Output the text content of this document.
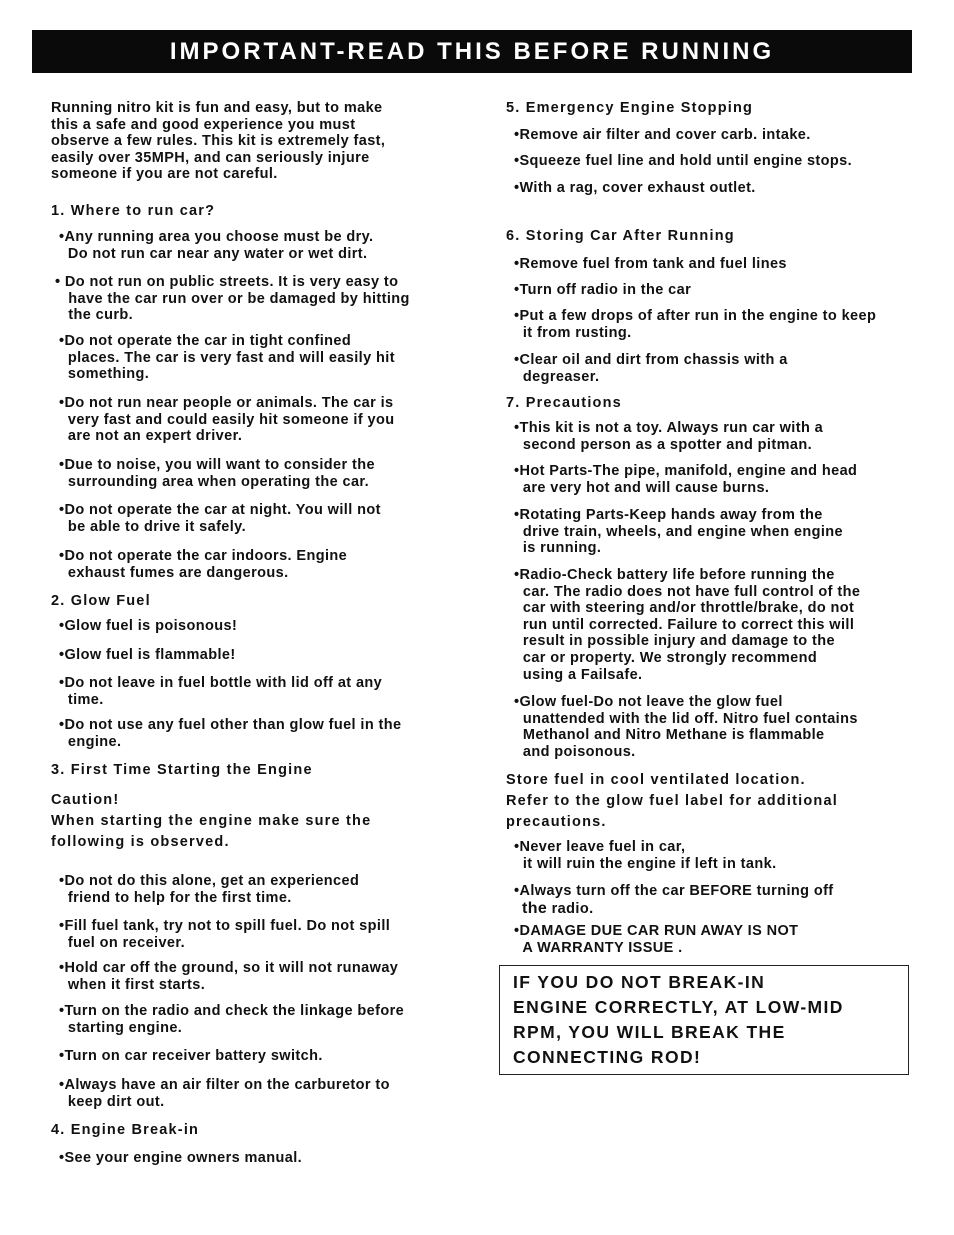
IMPORTANT-READ THIS BEFORE RUNNING

Running nitro kit is fun and easy, but to make
this a safe and good experience you must
observe a few rules. This kit is extremely fast,
easily over 35MPH, and can seriously injure
someone if you are not careful.

1. Where to run car?

•Any running area you choose must be dry.
Do not run car near any water or wet dirt.

• Do not run on public streets. It is very easy to
have the car run over or be damaged by hitting
the curb.

•Do not operate the car in tight confined
places. The car is very fast and will easily hit
something.

•Do not run near people or animals. The car is
very fast and could easily hit someone if you
are not an expert driver.

•Due to noise, you will want to consider the
surrounding area when operating the car.

•Do not operate the car at night. You will not
be able to drive it safely.

•Do not operate the car indoors. Engine
exhaust fumes are dangerous.

2. Glow Fuel

•Glow fuel is poisonous!

•Glow fuel is flammable!

•Do not leave in fuel bottle with lid off at any
time.

•Do not use any fuel other than glow fuel in the
engine.

3. First Time Starting the Engine

Caution!
When starting the engine make sure the
following is observed.

•Do not do this alone, get an experienced
friend to help for the first time.

•Fill fuel tank, try not to spill fuel. Do not spill
fuel on receiver.

•Hold car off the ground, so it will not runaway
when it first starts.

•Turn on the radio and check the linkage before
starting engine.

•Turn on car receiver battery switch.

•Always have an air filter on the carburetor to
keep dirt out.

4. Engine Break-in

•See your engine owners manual.

5. Emergency Engine Stopping

•Remove air filter and cover carb. intake.

•Squeeze fuel line and hold until engine stops.

•With a rag, cover exhaust outlet.

6. Storing Car After Running

•Remove fuel from tank and fuel lines

•Turn off radio in the car

•Put a few drops of after run in the engine to keep
it from rusting.

•Clear oil and dirt from chassis with a
degreaser.

7. Precautions

•This kit is not a toy. Always run car with a
second person as a spotter and pitman.

•Hot Parts-The pipe, manifold, engine and head
are very hot and will cause burns.

•Rotating Parts-Keep hands away from the
drive train, wheels, and engine when engine
is running.

•Radio-Check battery life before running the
car. The radio does not have full control of the
car with steering and/or throttle/brake, do not
run until corrected. Failure to correct this will
result in possible injury and damage to the
car or property. We strongly recommend
using a Failsafe.

•Glow fuel-Do not leave the glow fuel
unattended with the lid off. Nitro fuel contains
Methanol and Nitro Methane is flammable
and poisonous.

Store fuel in cool ventilated location.
Refer to the glow fuel label for additional
precautions.

•Never leave fuel in car,
it will ruin the engine if left in tank.

•Always turn off the car BEFORE turning off

the radio.

•DAMAGE DUE CAR RUN AWAY IS NOT
A WARRANTY ISSUE .

IF YOU DO NOT BREAK-IN
ENGINE CORRECTLY, AT LOW-MID
RPM, YOU WILL BREAK THE
CONNECTING ROD!
